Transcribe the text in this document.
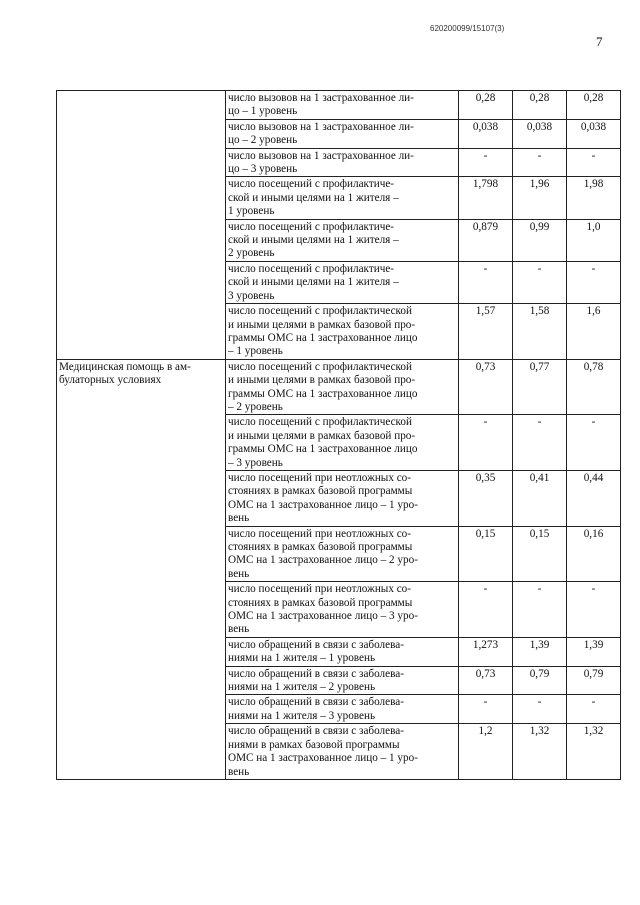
620200099/15107(3)
7

	число вызовов на 1 застрахованное ли-
цо – 1 уровень	0,28	0,28	0,28

	число вызовов на 1 застрахованное ли-
цо – 2 уровень	0,038	0,038	0,038

	число вызовов на 1 застрахованное ли-
цо – 3 уровень	-	-	-

	число посещений с профилактиче-
ской и иными целями на 1 жителя –
1 уровень	1,798	1,96	1,98

	число посещений с профилактиче-
ской и иными целями на 1 жителя –
2 уровень	0,879	0,99	1,0

	число посещений с профилактиче-
ской и иными целями на 1 жителя –
3 уровень	-	-	-

	число посещений с профилактической
и иными целями в рамках базовой про-
граммы ОМС на 1 застрахованное лицо
– 1 уровень	1,57	1,58	1,6

Медицинская помощь в ам-
булаторных условиях	число посещений с профилактической
и иными целями в рамках базовой про-
граммы ОМС на 1 застрахованное лицо
– 2 уровень	0,73	0,77	0,78

	число посещений с профилактической
и иными целями в рамках базовой про-
граммы ОМС на 1 застрахованное лицо
– 3 уровень	-	-	-

	число посещений при неотложных со-
стояниях в рамках базовой программы
ОМС на 1 застрахованное лицо – 1 уро-
вень	0,35	0,41	0,44

	число посещений при неотложных со-
стояниях в рамках базовой программы
ОМС на 1 застрахованное лицо – 2 уро-
вень	0,15	0,15	0,16

	число посещений при неотложных со-
стояниях в рамках базовой программы
ОМС на 1 застрахованное лицо – 3 уро-
вень	-	-	-

	число обращений в связи с заболева-
ниями на 1 жителя – 1 уровень	1,273	1,39	1,39

	число обращений в связи с заболева-
ниями на 1 жителя – 2 уровень	0,73	0,79	0,79

	число обращений в связи с заболева-
ниями на 1 жителя – 3 уровень	-	-	-

	число обращений в связи с заболева-
ниями в рамках базовой программы
ОМС на 1 застрахованное лицо – 1 уро-
вень	1,2	1,32	1,32
